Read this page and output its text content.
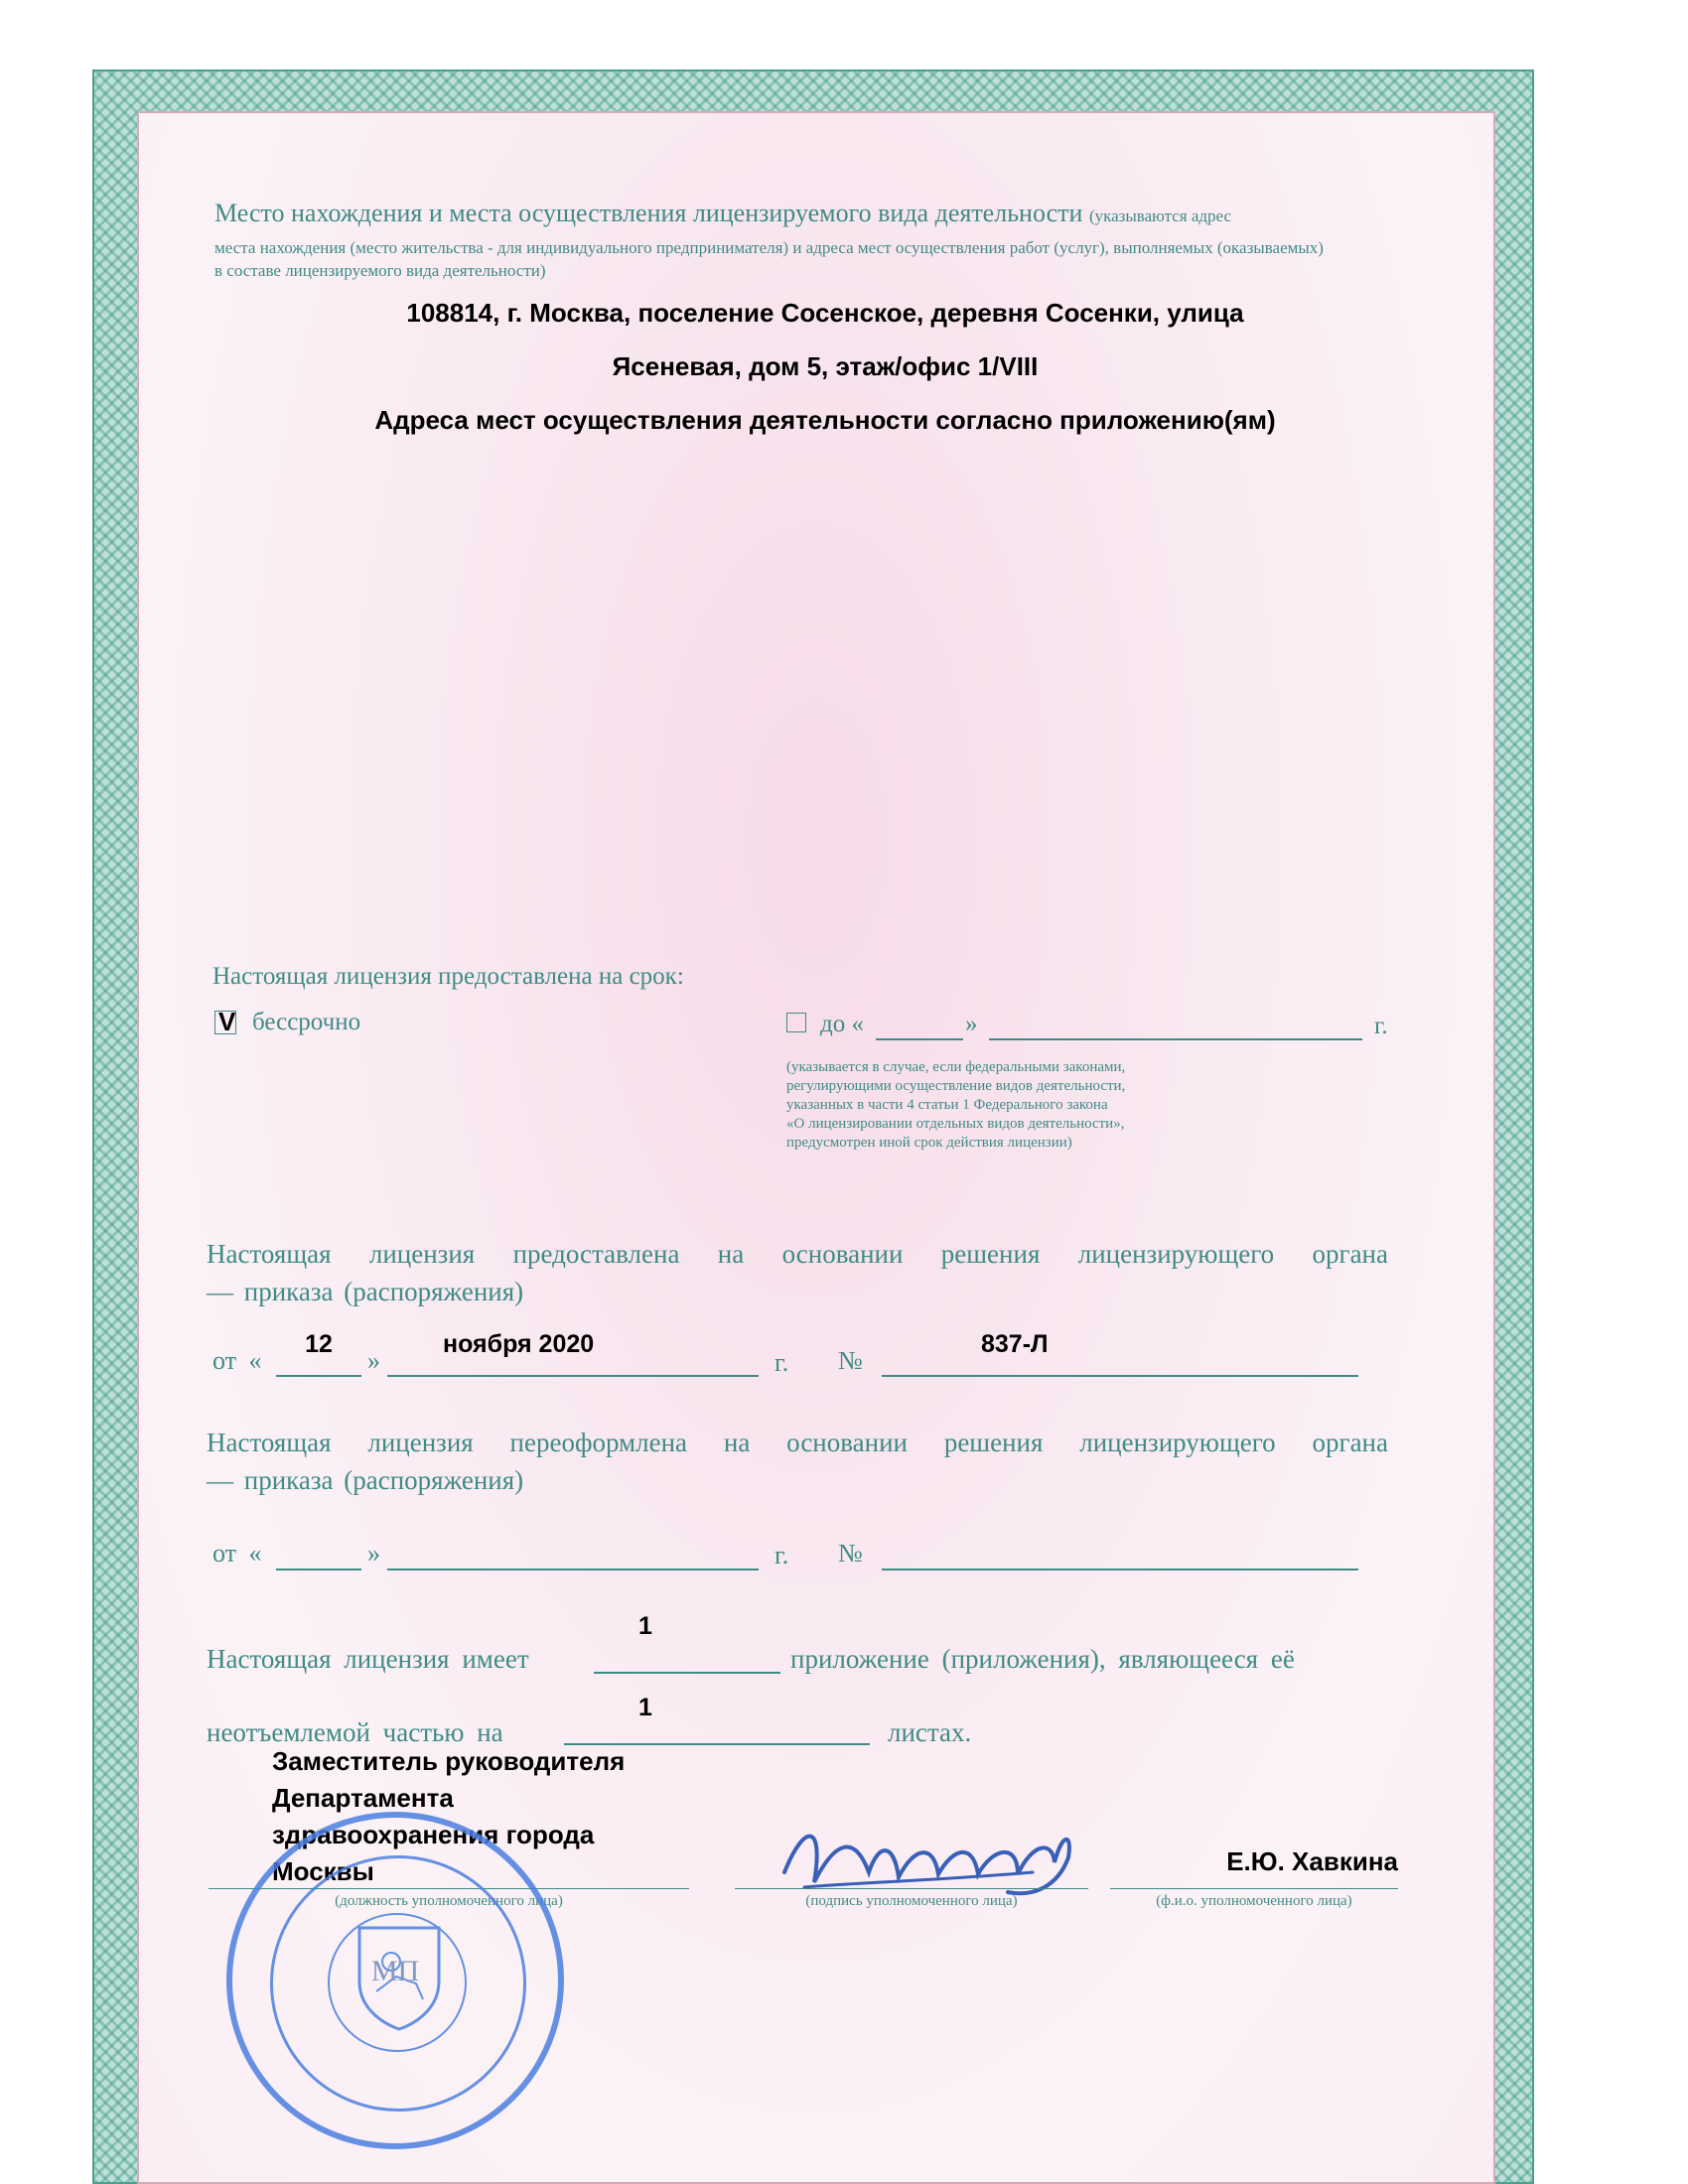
Место нахождения и места осуществления лицензируемого вида деятельности (указываются адрес
места нахождения (место жительства - для индивидуального предпринимателя) и адреса мест осуществления работ (услуг), выполняемых (оказываемых)
в составе лицензируемого вида деятельности)
108814, г. Москва, поселение Сосенское, деревня Сосенки, улица
Ясеневая, дом 5, этаж/офис 1/VIII
Адреса мест осуществления деятельности согласно приложению(ям)
Настоящая лицензия предоставлена на срок:
V бессрочно	до «	»	г.
(указывается в случае, если федеральными законами,
регулирующими осуществление видов деятельности,
указанных в части 4 статьи 1 Федерального закона
«О лицензировании отдельных видов деятельности»,
предусмотрен иной срок действия лицензии)
Настоящая лицензия предоставлена на основании решения лицензирующего органа
— приказа (распоряжения)
от «
12
»
ноября 2020
г. №
837-Л
Настоящая лицензия переоформлена на основании решения лицензирующего органа
— приказа (распоряжения)
от «	»	г. №
1
Настоящая лицензия имеет	приложение (приложения), являющееся её
1
неотъемлемой частью на	листах.
Заместитель руководителя
Департамента
здравоохранения города
Москвы
(должность уполномоченного лица)	(подпись уполномоченного лица)
Е.Ю. Хавкина
(ф.и.о. уполномоченного лица)
МП
